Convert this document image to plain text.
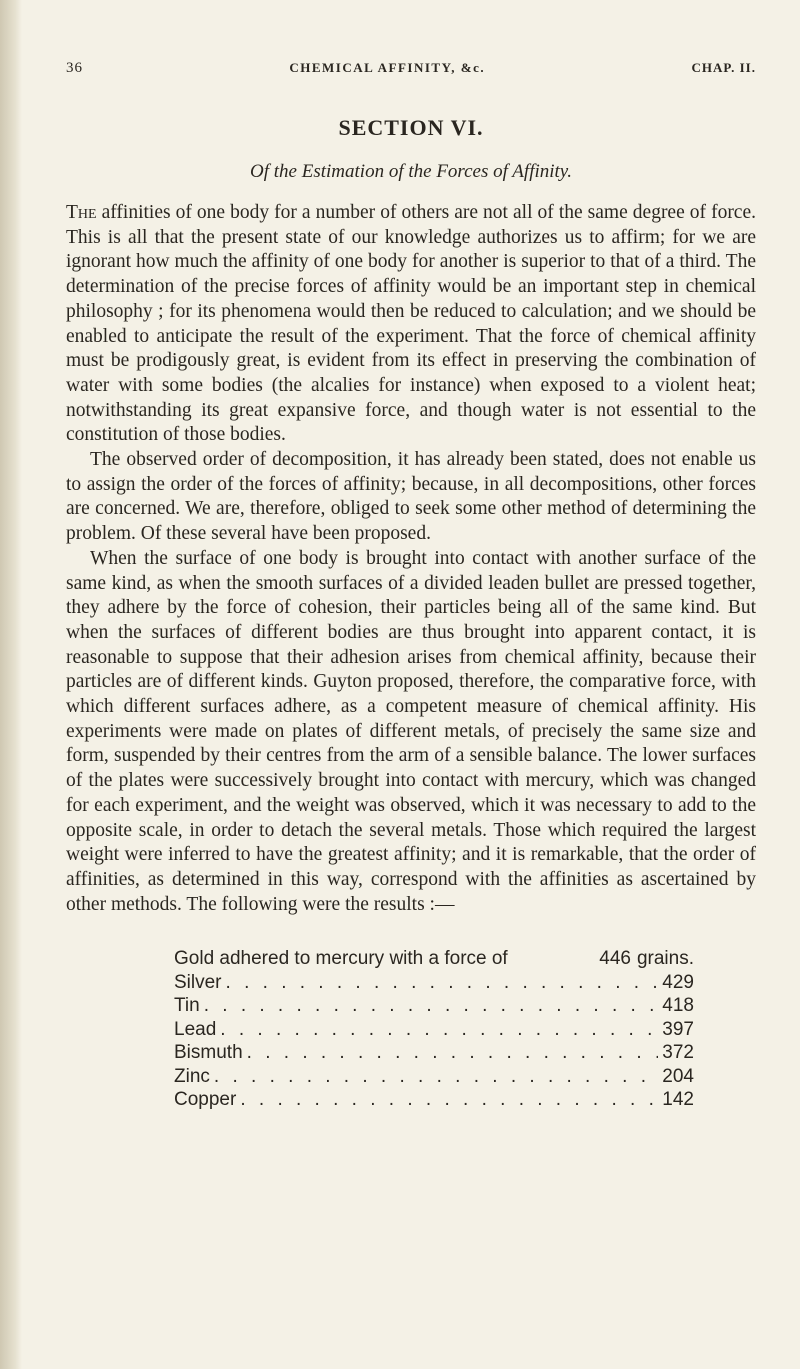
36	CHEMICAL AFFINITY, &c.	CHAP. II.
SECTION VI.
Of the Estimation of the Forces of Affinity.

The affinities of one body for a number of others are not all of the same degree of force. This is all that the present state of our knowledge authorizes us to affirm; for we are ignorant how much the affinity of one body for another is superior to that of a third. The determination of the precise forces of affinity would be an important step in chemical philosophy ; for its phenomena would then be reduced to calculation; and we should be enabled to anticipate the result of the experiment. That the force of chemical affinity must be prodigously great, is evident from its effect in preserving the combination of water with some bodies (the alcalies for instance) when exposed to a violent heat; notwithstanding its great expansive force, and though water is not essential to the constitution of those bodies.

The observed order of decomposition, it has already been stated, does not enable us to assign the order of the forces of affinity; because, in all decompositions, other forces are concerned. We are, therefore, obliged to seek some other method of determining the problem. Of these several have been proposed.

When the surface of one body is brought into contact with another surface of the same kind, as when the smooth surfaces of a divided leaden bullet are pressed together, they adhere by the force of cohesion, their particles being all of the same kind. But when the surfaces of different bodies are thus brought into apparent contact, it is reasonable to suppose that their adhesion arises from chemical affinity, because their particles are of different kinds. Guyton proposed, therefore, the comparative force, with which different surfaces adhere, as a competent measure of chemical affinity. His experiments were made on plates of different metals, of precisely the same size and form, suspended by their centres from the arm of a sensible balance. The lower surfaces of the plates were successively brought into contact with mercury, which was changed for each experiment, and the weight was observed, which it was necessary to add to the opposite scale, in order to detach the several metals. Those which required the largest weight were inferred to have the greatest affinity; and it is remarkable, that the order of affinities, as determined in this way, correspond with the affinities as ascertained by other methods. The following were the results :—

Gold adhered to mercury with a force of	446 grains.
Silver . . .	429
Tin . . .	418
Lead . . .	397
Bismuth . . .	372
Zinc . . .	204
Copper . . .	142
